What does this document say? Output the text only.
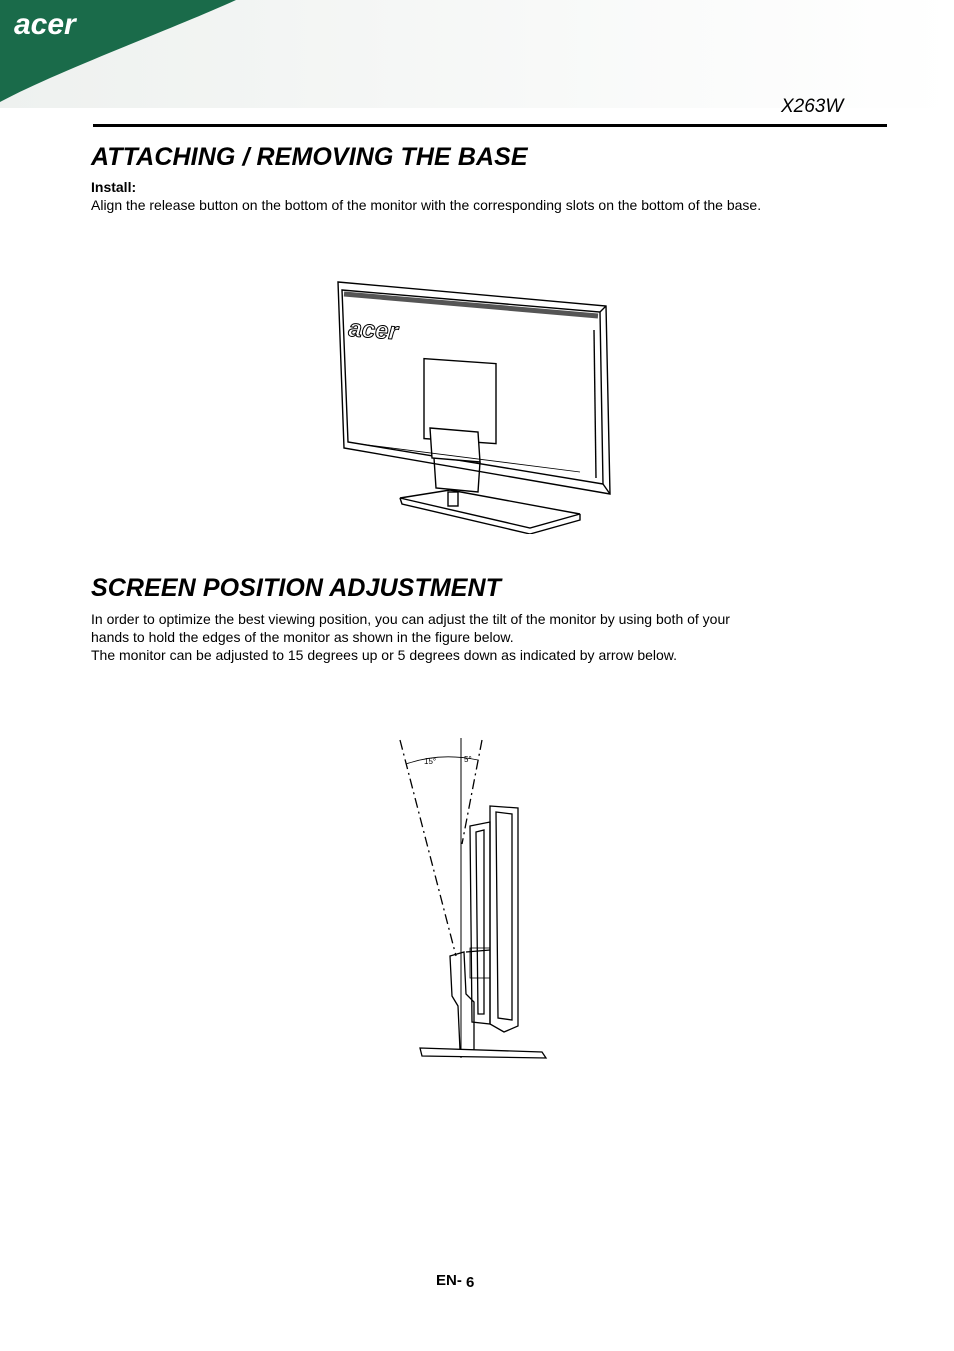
acer
X263W
ATTACHING / REMOVING THE BASE
Install:

Align the release button on the bottom of the monitor with the corresponding slots on the bottom of the base.

acer
SCREEN POSITION ADJUSTMENT

In order to optimize the best viewing position, you can adjust the tilt of the monitor by using both of your

hands to hold the edges of the monitor as shown in the figure below.

The monitor can be adjusted to 15 degrees up or 5 degrees down as indicated by arrow below.

15°	5°
EN- 6
